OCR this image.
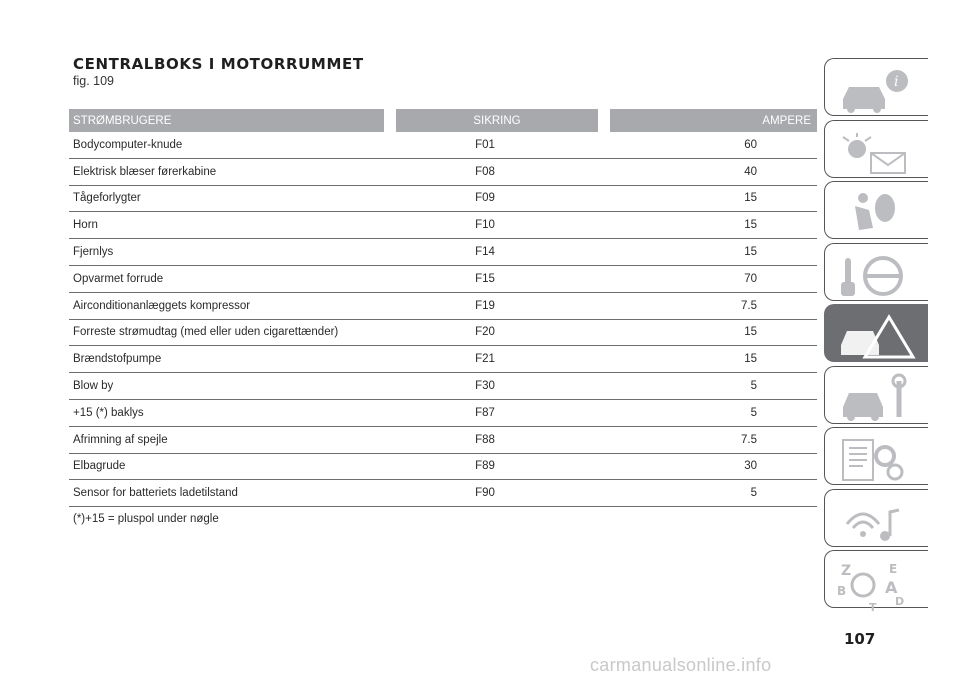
CENTRALBOKS I MOTORRUMMET
fig. 109
STRØMBRUGERE	SIKRING	AMPERE
Bodycomputer-knude	F01	60
Elektrisk blæser førerkabine	F08	40
Tågeforlygter	F09	15
Horn	F10	15
Fjernlys	F14	15
Opvarmet forrude	F15	70
Airconditionanlæggets kompressor	F19	7.5
Forreste strømudtag (med eller uden cigarettænder)	F20	15
Brændstofpumpe	F21	15
Blow by	F30	5
+15 (*) baklys	F87	5
Afrimning af spejle	F88	7.5
Elbagrude	F89	30
Sensor for batteriets ladetilstand	F90	5
(*)+15 = pluspol under nøgle
107
carmanualsonline.info
i
Z	E
B A
D
T
